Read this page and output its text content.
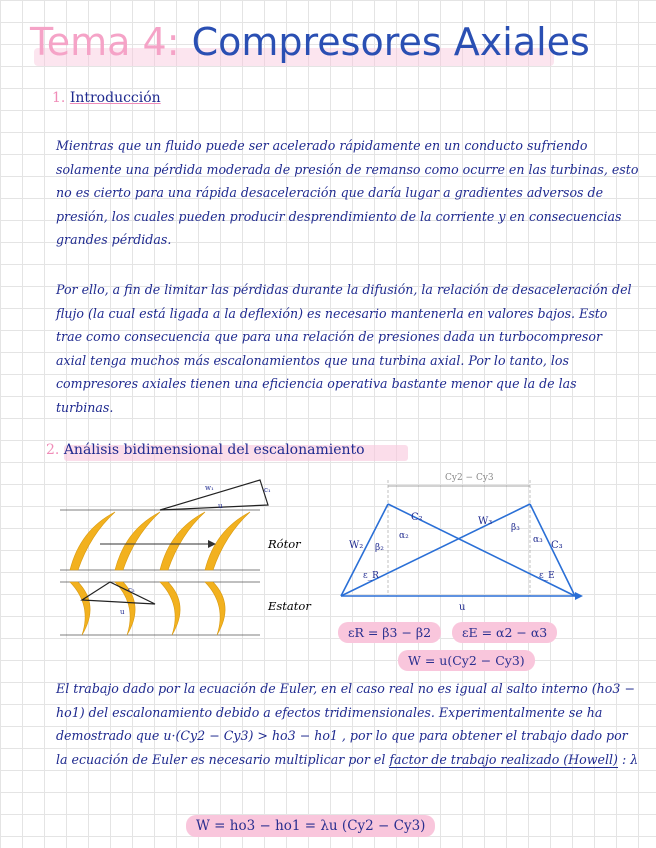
Tema 4: Compresores Axiales
1. Introducción
Mientras que un fluido puede ser acelerado rápidamente en un conducto sufriendo solamente una pérdida moderada de presión de remanso como ocurre en las turbinas, esto no es cierto para una rápida desaceleración que daría lugar a gradientes adversos de presión, los cuales pueden producir desprendimiento de la corriente y en consecuencias grandes pérdidas.
Por ello, a fin de limitar las pérdidas durante la difusión, la relación de desaceleración del flujo (la cual está ligada a la deflexión) es necesario mantenerla en valores bajos. Esto trae como consecuencia que para una relación de presiones dada un turbocompresor axial tenga muchos más escalonamientos que una turbina axial. Por lo tanto, los compresores axiales tienen una eficiencia operativa bastante menor que la de las turbinas.
2. Análisis bidimensional del escalonamiento
w₁	c₁
u
c₂
u
Rótor
Estator
Cy2 − Cy3
C₂	W₃
W₂ β₂
α₂
β₃
α₃ C₃
ε_R	ε_E
u
εR = β3 − β2	εE = α2 − α3
W = u(Cy2 − Cy3)
El trabajo dado por la ecuación de Euler, en el caso real no es igual al salto interno (ho3 − ho1) del escalonamiento debido a efectos tridimensionales. Experimentalmente se ha demostrado que u·(Cy2 − Cy3) > ho3 − ho1 , por lo que para obtener el trabajo dado por la ecuación de Euler es necesario multiplicar por el factor de trabajo realizado (Howell) : λ
W = ho3 − ho1 = λu (Cy2 − Cy3)
